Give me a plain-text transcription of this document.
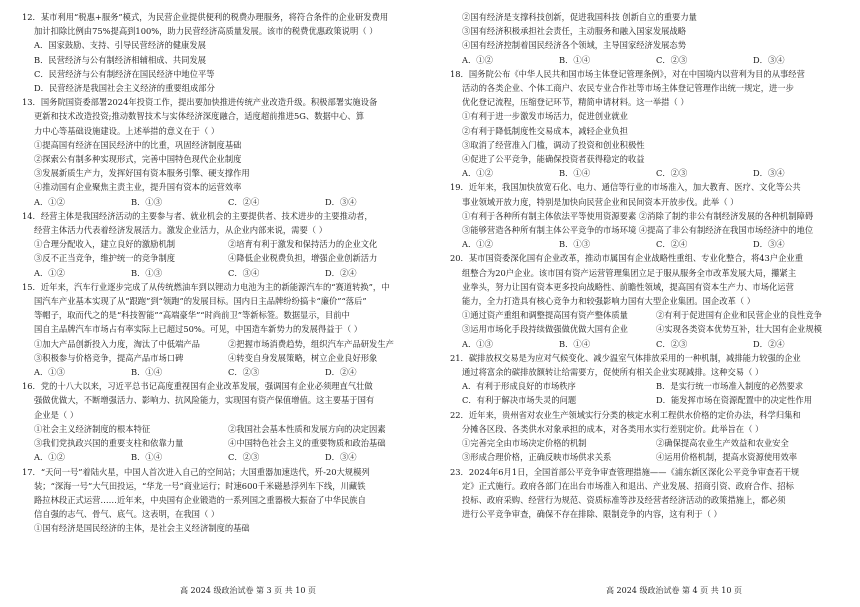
12．某市利用“税惠+服务”模式，为民营企业提供便利的税费办理服务，将符合条件的企业研发费用
加计扣除比例由75%提高到100%，助力民营经济高质量发展。该市的税费优惠政策说明（ ）
A．国家鼓励、支持、引导民营经济的健康发展
B．民营经济与公有制经济相辅相成、共同发展
C．民营经济与公有制经济在国民经济中地位平等
D．民营经济是我国社会主义经济的重要组成部分
13．国务院国资委部署2024年投资工作，提出要加快推进传统产业改造升级。积极部署实施设备
更新和技术改造投资;推动数智技术与实体经济深度融合，适度超前推进5G、数据中心、算
力中心等基础设施建设。上述举措的意义在于（ ）
①提高国有经济在国民经济中的比重，巩固经济制度基础
②探索公有制多种实现形式，完善中国特色现代企业制度
③发展新质生产力，发挥好国有资本服务引擎、硬支撑作用
④推动国有企业聚焦主责主业，提升国有资本的运营效率
A．①②	B．①③	C．②④	D．③④
14．经营主体是我国经济活动的主要参与者、就业机会的主要提供者、技术进步的主要推动者，
经营主体活力代表着经济发展活力。激发企业活力，从企业内部来说，需要（ ）
①合理分配收入，建立良好的激励机制	②培育有利于激发和保持活力的企业文化
③反不正当竞争，维护统一的竞争制度	④降低企业税费负担，增强企业创新活力
A．①②	B．①③	C．③④	D．②④
15．近年来，汽车行业逐步完成了从传统燃油车到以锂动力电池为主的新能源汽车的“赛道转换”，中
国汽车产业基本实现了从“跟跑”到“领跑”的发展目标。国内日主品牌纷纷搞卡“廉价”“落后”
等帽子，取而代之的是“科技智能”“高端豪华”“时尚前卫”等新标签。数据显示，目前中
国自主品牌汽车市场占有率实际上已超过50%。可见，中国造车新势力的发展得益于（ ）
①加大产品创新投入力度，淘汰了中低端产品	②把握市场消费趋势，组织汽车产品研发生产
③积极参与价格竞争，提高产品市场口碑	④转变自身发展策略，树立企业良好形象
A．①③	B．①④	C．②③	D．②④
16．党的十八大以来，习近平总书记高度重视国有企业改革发展，强调国有企业必须理直气壮做
强做优做大，不断增强活力、影响力、抗风险能力，实现国有资产保值增值。这主要基于国有
企业是（ ）
①社会主义经济制度的根本特征	②我国社会基本性质和发展方向的决定因素
③我们党执政兴国的重要支柱和依靠力量	④中国特色社会主义的重要物质和政治基础
A．①②	B．①④	C．②③	D．③④
17．“天问一号”着陆火星，中国人首次进入自己的空间站；大国重器加速迭代，歼-20大规模列
装；“深海一号”大气田投运，“华龙一号”商业运行；时速600千米磁悬浮列车下线，川藏铁
路拉林段正式运营……近年来，中央国有企业锻造的一系列国之重器极大振奋了中华民族自
信自强的志气、骨气、底气。这表明，在我国（ ）
①国有经济是国民经济的主体，是社会主义经济制度的基础
②国有经济是支撑科技创新，促进我国科技 创新自立的重要力量
③国有经济积极承担社会责任，主动服务和融入国家发展战略
④国有经济控制着国民经济各个领域，主导国家经济发展态势
A．①②	B．①④	C．②③	D．③④
18．国务院公布《中华人民共和国市场主体登记管理条例》，对在中国境内以营利为目的从事经营
活动的各类企业、个体工商户、农民专业合作社等市场主体登记管理作出统一规定，进一步
优化登记流程，压缩登记环节，精简申请材料。这一举措（ ）
①有利于进一步激发市场活力，促进创业就业
②有利于降低制度性交易成本，减轻企业负担
③取消了经营准入门槛，调动了投资和创业积极性
④促进了公平竞争，能确保投资者获得稳定的收益
A．①②	B．①④	C．②③	D．③④
19．近年来，我国加快放宽石化、电力、通信等行业的市场准入，加大教育、医疗、文化等公共
事业领域开放力度，特别是加快向民营企业和民间资本开放步伐。此举（ ）
①有利于各种所有制主体依法平等使用资源要素 ②消除了制约非公有制经济发展的各种机制障碍
③能够营造各种所有制主体公平竞争的市场环境 ④提高了非公有制经济在我国市场经济中的地位
A．①②	B．①③	C．②④	D．③④
20．某市国资委深化国有企业改革，推动市属国有企业战略性重组、专业化整合，将43户企业重
组整合为20户企业。该市国有资产运营管理集团立足于服从服务全市改革发展大局，攥紧主
业拳头，努力让国有资本更多投向战略性、前瞻性领域，提高国有资本生产力、市场化运营
能力，全力打造具有核心竞争力和较强影响力国有大型企业集团。国企改革（ ）
①通过资产重组和调整提高国有资产整体质量	②有利于促进国有企业和民营企业的良性竞争
③运用市场化手段持续做强做优做大国有企业	④实现各类资本优势互补，壮大国有企业规模
A．①③	B．①④	C．②③	D．②④
21．碳排放权交易是为应对气候变化、减少温室气体排放采用的一种机制，减排能力较强的企业
通过将富余的碳排放额转让给需要方，促使所有相关企业实现减排。这种交易（ ）
A．有利于形成良好的市场秩序	B．是实行统一市场准入制度的必然要求
C．有利于解决市场失灵的问题	D．能发挥市场在资源配置中的决定性作用
22．近年来，贵州省对农业生产领域实行分类的核定水利工程供水价格的定价办法，科学归集和
分摊各区段、各类供水对象承担的成本，对各类用水实行差别定价。此举旨在（ ）
①完善完全由市场决定价格的机制	②确保提高农业生产效益和农业安全
③形成合理价格，正确反映市场供求关系	④运用价格机制，提高水资源使用效率
23．2024年6月1日，全国首部公平竞争审查管理措施——《浦东新区深化公平竞争审查若干规
定》正式施行。政府各部门在出台市场准入和退出、产业发展、招商引资、政府合作、招标
投标、政府采购、经营行为规范、资质标准等涉及经营者经济活动的政策措施上，都必须
进行公平竞争审查，确保不存在排除、限制竞争的内容，这有利于（ ）
高 2024 级政治试卷 第 3 页 共 10 页	高 2024 级政治试卷 第 4 页 共 10 页
